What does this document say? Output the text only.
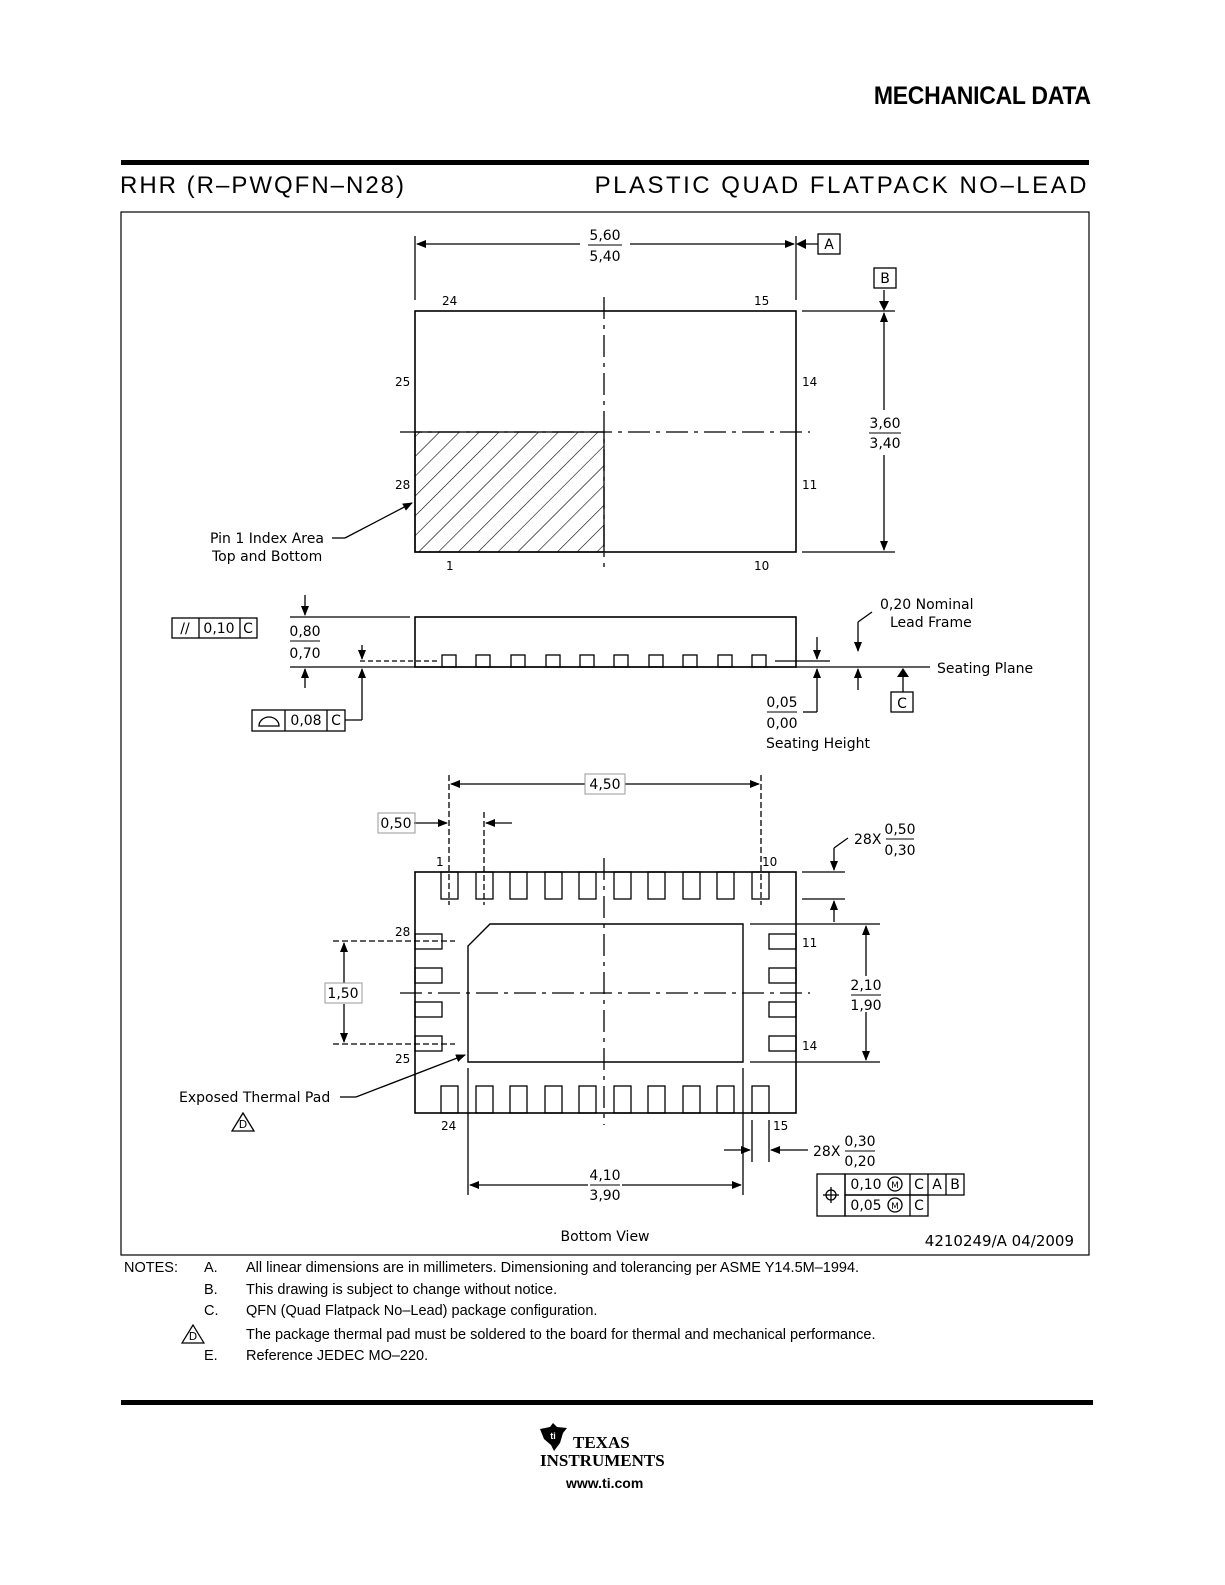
MECHANICAL DATA
RHR (R–PWQFN–N28)	PLASTIC QUAD FLATPACK NO–LEAD
5,60
5,40
A
B
3,60
3,40
24	15
25	14
28	11
1	10
Pin 1 Index Area
Top and Bottom
0,80
0,70
// 0,10 C
0,08 C
0,20 Nominal
Lead Frame
C
Seating Plane
0,05
0,00
Seating Height
4,50
0,50
28X
0,50
0,30
1,50	2,10
1,90
1	10
28
11
25
14
24	15
Exposed Thermal Pad
D
4,10
3,90
28X
0,30
0,20
0,10 M C A B
0,05 M C
Bottom View	4210249/A 04/2009
NOTES:	A.	All linear dimensions are in millimeters. Dimensioning and tolerancing per ASME Y14.5M–1994.
B.	This drawing is subject to change without notice.
C.	QFN (Quad Flatpack No–Lead) package configuration.
D	The package thermal pad must be soldered to the board for thermal and mechanical performance.
E.	Reference JEDEC MO–220.
ti TEXAS
INSTRUMENTS
www.ti.com
